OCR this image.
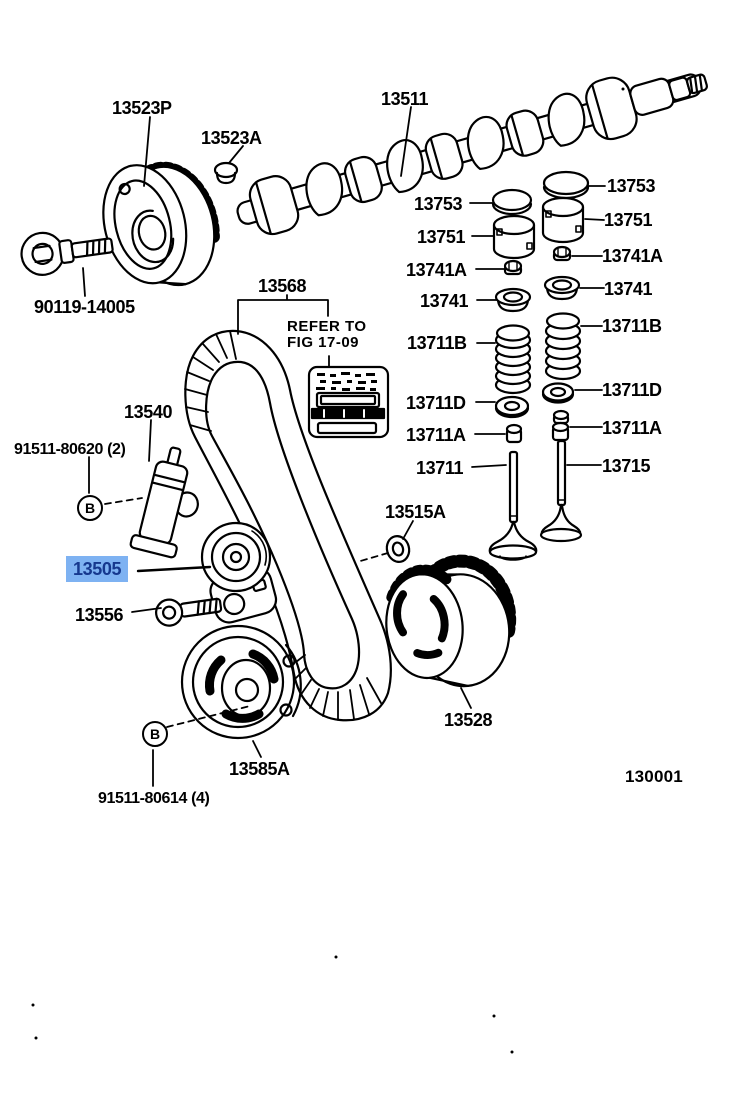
13523P
13523A
13511
90119-14005
13568
REFER TO
FIG 17-09
13540
91511-80620 (2)
B
13505
13556
13515A
13585A
B
91511-80614 (4)
13528
130001
13753
13753
13751
13751
13741A
13741A
13741
13741
13711B
13711B
13711D
13711D
13711A	13711A
13711	13715
